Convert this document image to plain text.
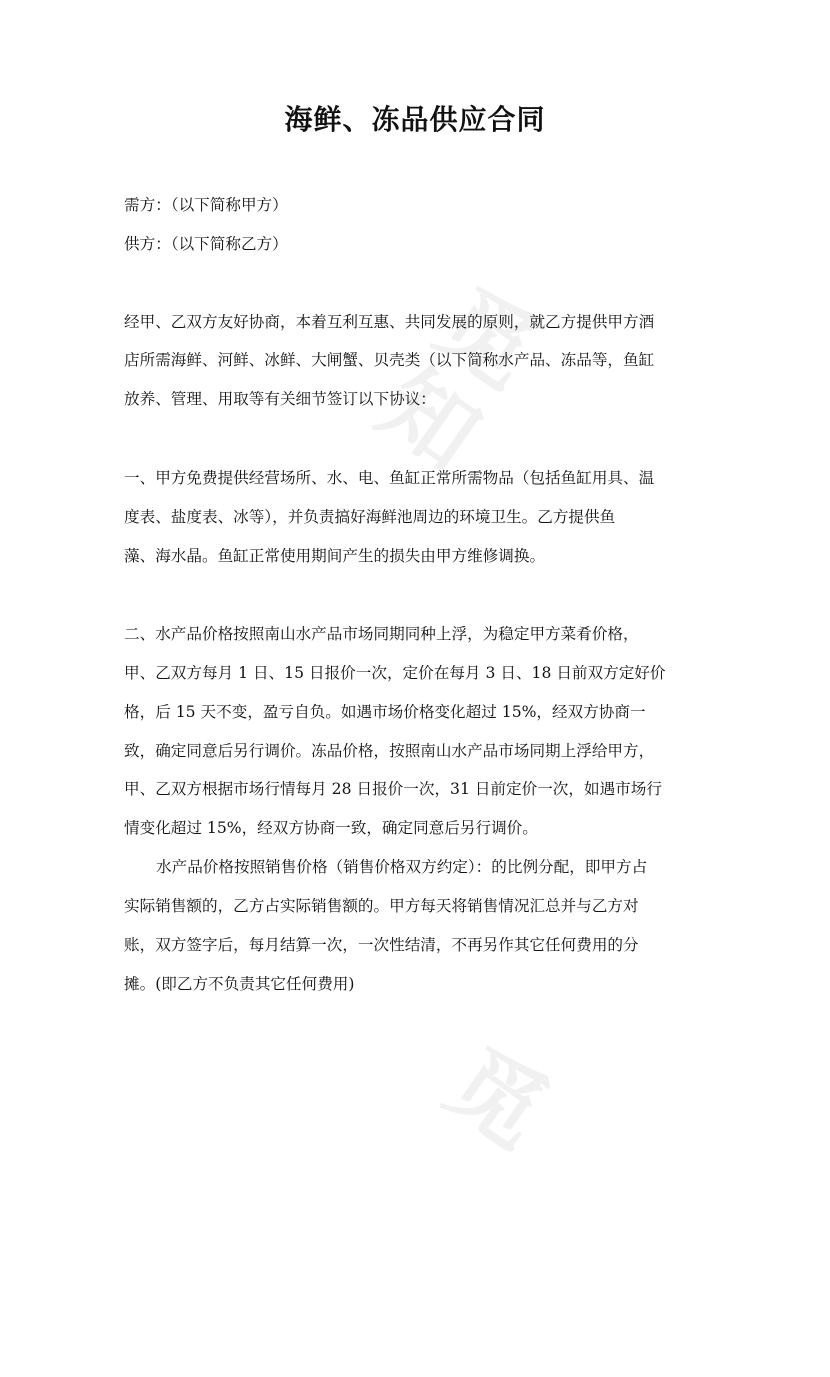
觅
知
觅
海鲜、冻品供应合同
需方：（以下简称甲方）
供方：（以下简称乙方）
经甲、乙双方友好协商，本着互利互惠、共同发展的原则，就乙方提供甲方酒
店所需海鲜、河鲜、冰鲜、大闸蟹、贝壳类（以下简称水产品、冻品等，鱼缸
放养、管理、用取等有关细节签订以下协议：
一、甲方免费提供经营场所、水、电、鱼缸正常所需物品（包括鱼缸用具、温
度表、盐度表、冰等），并负责搞好海鲜池周边的环境卫生。乙方提供鱼
藻、海水晶。鱼缸正常使用期间产生的损失由甲方维修调换。
二、水产品价格按照南山水产品市场同期同种上浮，为稳定甲方菜肴价格，
甲、乙双方每月 1 日、15 日报价一次，定价在每月 3 日、18 日前双方定好价
格，后 15 天不变，盈亏自负。如遇市场价格变化超过 15%，经双方协商一
致，确定同意后另行调价。冻品价格，按照南山水产品市场同期上浮给甲方，
甲、乙双方根据市场行情每月 28 日报价一次，31 日前定价一次，如遇市场行
情变化超过 15%，经双方协商一致，确定同意后另行调价。
水产品价格按照销售价格（销售价格双方约定）：的比例分配，即甲方占
实际销售额的，乙方占实际销售额的。甲方每天将销售情况汇总并与乙方对
账，双方签字后，每月结算一次，一次性结清，不再另作其它任何费用的分
摊。(即乙方不负责其它任何费用)
